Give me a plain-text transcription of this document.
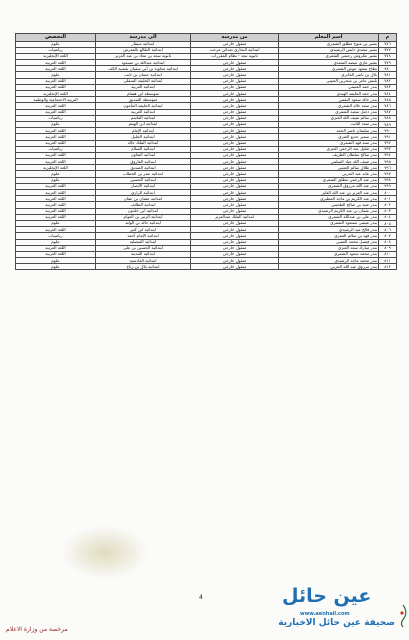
م	اسم المعلم	من مدرسة	الى مدرسة	التخصص
٧٧٦	بشير بن منوخ مطلق الشمري	منقول خارجي	ابتدائية سيفار	علوم
٧٧٧	بشير سعدي دايس الرشيدي	ابتدائية البخاري بمدائن مرحب	ابتدائية الطالع بالمعرش	رياضيات
٧٧٨	بشير عكروش رحيمي الشمري	ثانوية تبعد - نظام المقررات	ثانوية سعد بن معاذ بن عبد العزيز	اللغة الإنجليزية
٧٧٩	بشير غازي عيضه السعدي	منقول خارجي	ابتدائية عبدالله بن مسعود	اللغة العربية
٧٨٠	بطاح سعود عوض الشمري	منقول خارجي	ابتدائية معاوية بن أبي سفيان بقصبة الكف	اللغة العربية
٧٨١	بلال بن ناصر الجابري	منقول خارجي	ابتدائية حسان بن ثابت	علوم
٧٨٢	بليش عامر بن سحرين العتيبي	منقول خارجي	ابتدائية الحليفة السفلى	اللغة العربية
٧٨٣	بندر حمد الغنيمي	منقول خارجي	ابتدائية العربية	اللغة العربية
٧٨٤	بندر حمد الخليفه الهندي	منقول خارجي	متوسطة ابن هشام	اللغة الإنجليزية
٧٨٥	بندر خالد سعود البقمي	منقول خارجي	متوسطة الصديق	التربية الاجتماعية والوطنية
٧٨٦	بندر سعد خالد الشمري	منقول خارجي	ابتدائية الحليفة المأمون	اللغة العربية
٧٨٧	بندر دخيل سعيد الشمري	منقول خارجي	ابتدائية العربية	اللغة العربية
٧٨٨	بندر سالم ضيف الله العنزي	منقول خارجي	ابتدائية القاسم	رياضيات
٧٨٩	بندر سعد الثابت	منقول خارجي	ابتدائية ابن الهيثم	علوم
٧٩٠	بندر سليمان ناصر الحمد	منقول خارجي	ابتدائية الإمام	اللغة العربية
٧٩١	بندر سمير جديع العنزي	منقول خارجي	ابتدائية الخليل	اللغة العربية
٧٩٢	بندر سند فهد الشمري	منقول خارجي	ابتدائية الملك خالد	اللغة العربية
٧٩٣	بندر شليل عبد الرحمن العنزي	منقول خارجي	ابتدائية السلام	رياضيات
٧٩٤	بندر صالح سلطان الطريف	منقول خارجي	ابتدائية التعاون	اللغة العربية
٧٩٥	بندر ضيف الله عياد السلمي	منقول خارجي	ابتدائية الفاروق	اللغة العربية
٧٩٦	بندر طلال سالم العتيبي	منقول خارجي	ابتدائية الصديق	اللغة الإنجليزية
٧٩٧	بندر عايد عيد الحربي	منقول خارجي	ابتدائية عمر بن الخطاب	علوم
٧٩٨	بندر عبد الرحمن مطلق الشمري	منقول خارجي	ابتدائية الحسين	علوم
٧٩٩	بندر عبد الله مرزوق الشمري	منقول خارجي	ابتدائية الأنصار	اللغة العربية
٨٠٠	بندر عبد العزيز بن عبد الله الفايز	منقول خارجي	ابتدائية الرازي	اللغة العربية
٨٠١	بندر عبد الكريم بن ماجد المطيري	منقول خارجي	ابتدائية عثمان بن عفان	اللغة العربية
٨٠٢	بندر عبيد بن صالح الطحيني	منقول خارجي	ابتدائية الطائف	اللغة العربية
٨٠٣	بندر عثمان بن عبد الكريم الرشيدي	منقول خارجي	ابتدائية ابن خلدون	اللغة العربية
٨٠٤	بندر علي بن عبدالله الشمري	ابتدائية الملك عبدالعزيز	ابتدائية الزبير بن العوام	اللغة العربية
٨٠٥	بندر عيسى مسعود الشمري	منقول خارجي	ابتدائية خالد بن الوليد	علوم
٨٠٦	بندر فالح عيد الرشيدي	منقول خارجي	ابتدائية ابن كثير	اللغة العربية
٨٠٧	بندر فهد بن سالم العمري	منقول خارجي	ابتدائية الإمام أحمد	رياضيات
٨٠٨	بندر فيصل محمد العتيبي	منقول خارجي	ابتدائية الفيصلية	علوم
٨٠٩	بندر مبارك سعد العنزي	منقول خارجي	ابتدائية الحسين بن علي	اللغة العربية
٨١٠	بندر محمد سعود الشمري	منقول خارجي	ابتدائية المدينة	اللغة العربية
٨١١	بندر محمد ماجد الرشيدي	منقول خارجي	ابتدائية القادسية	علوم
٨١٢	بندر مرزوق عبد الله الحربي	منقول خارجي	ابتدائية بلال بن رباح	علوم
4	عين حائل
www.aenhail.com
صحيفة عين حائل الاخبارية
مرخصة من وزارة الاعلام
